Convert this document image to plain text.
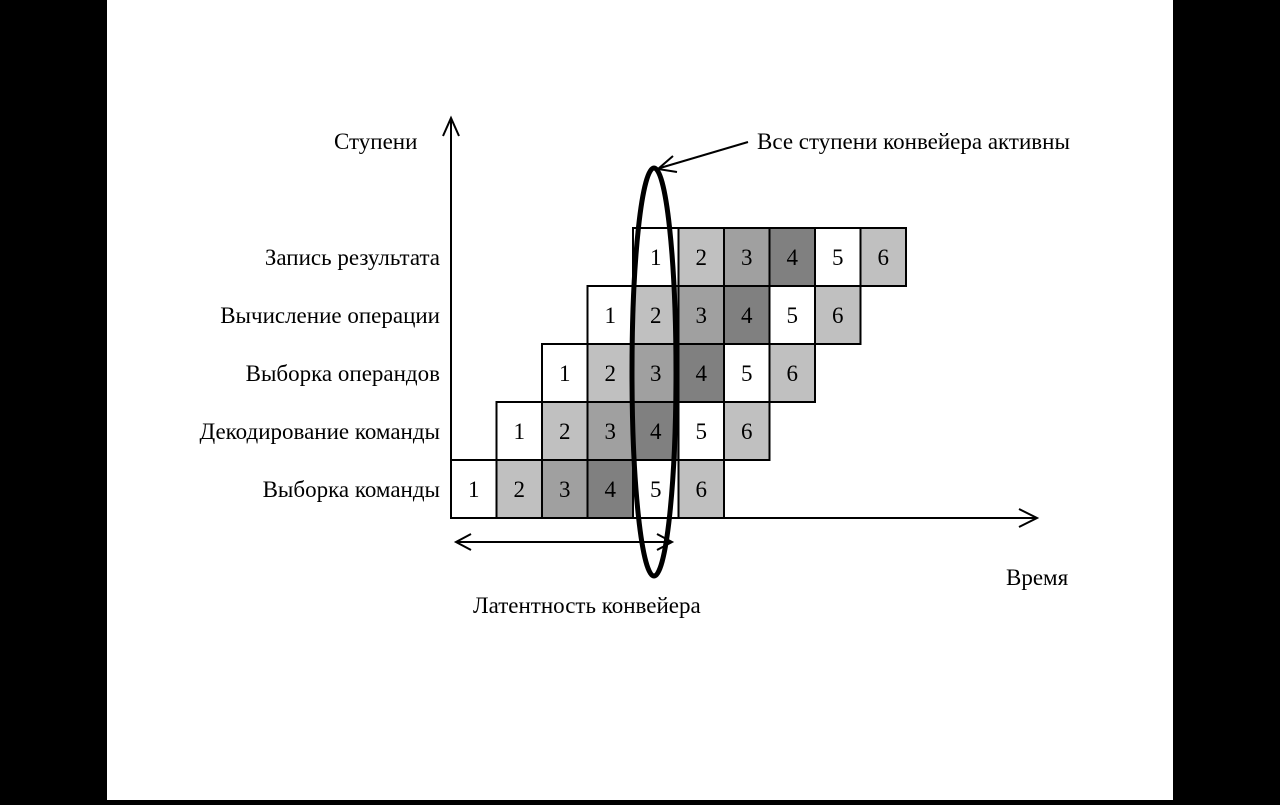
1 2 3 4 5 6
1 2 3 4 5 6
1 2 3 4 5 6
1 2 3 4 5 6
1 2 3 4 5 6
Ступени
Время
Выборка команды
Декодирование команды
Выборка операндов
Вычисление операции
Запись результата
Все ступени конвейера активны
Латентность конвейера
